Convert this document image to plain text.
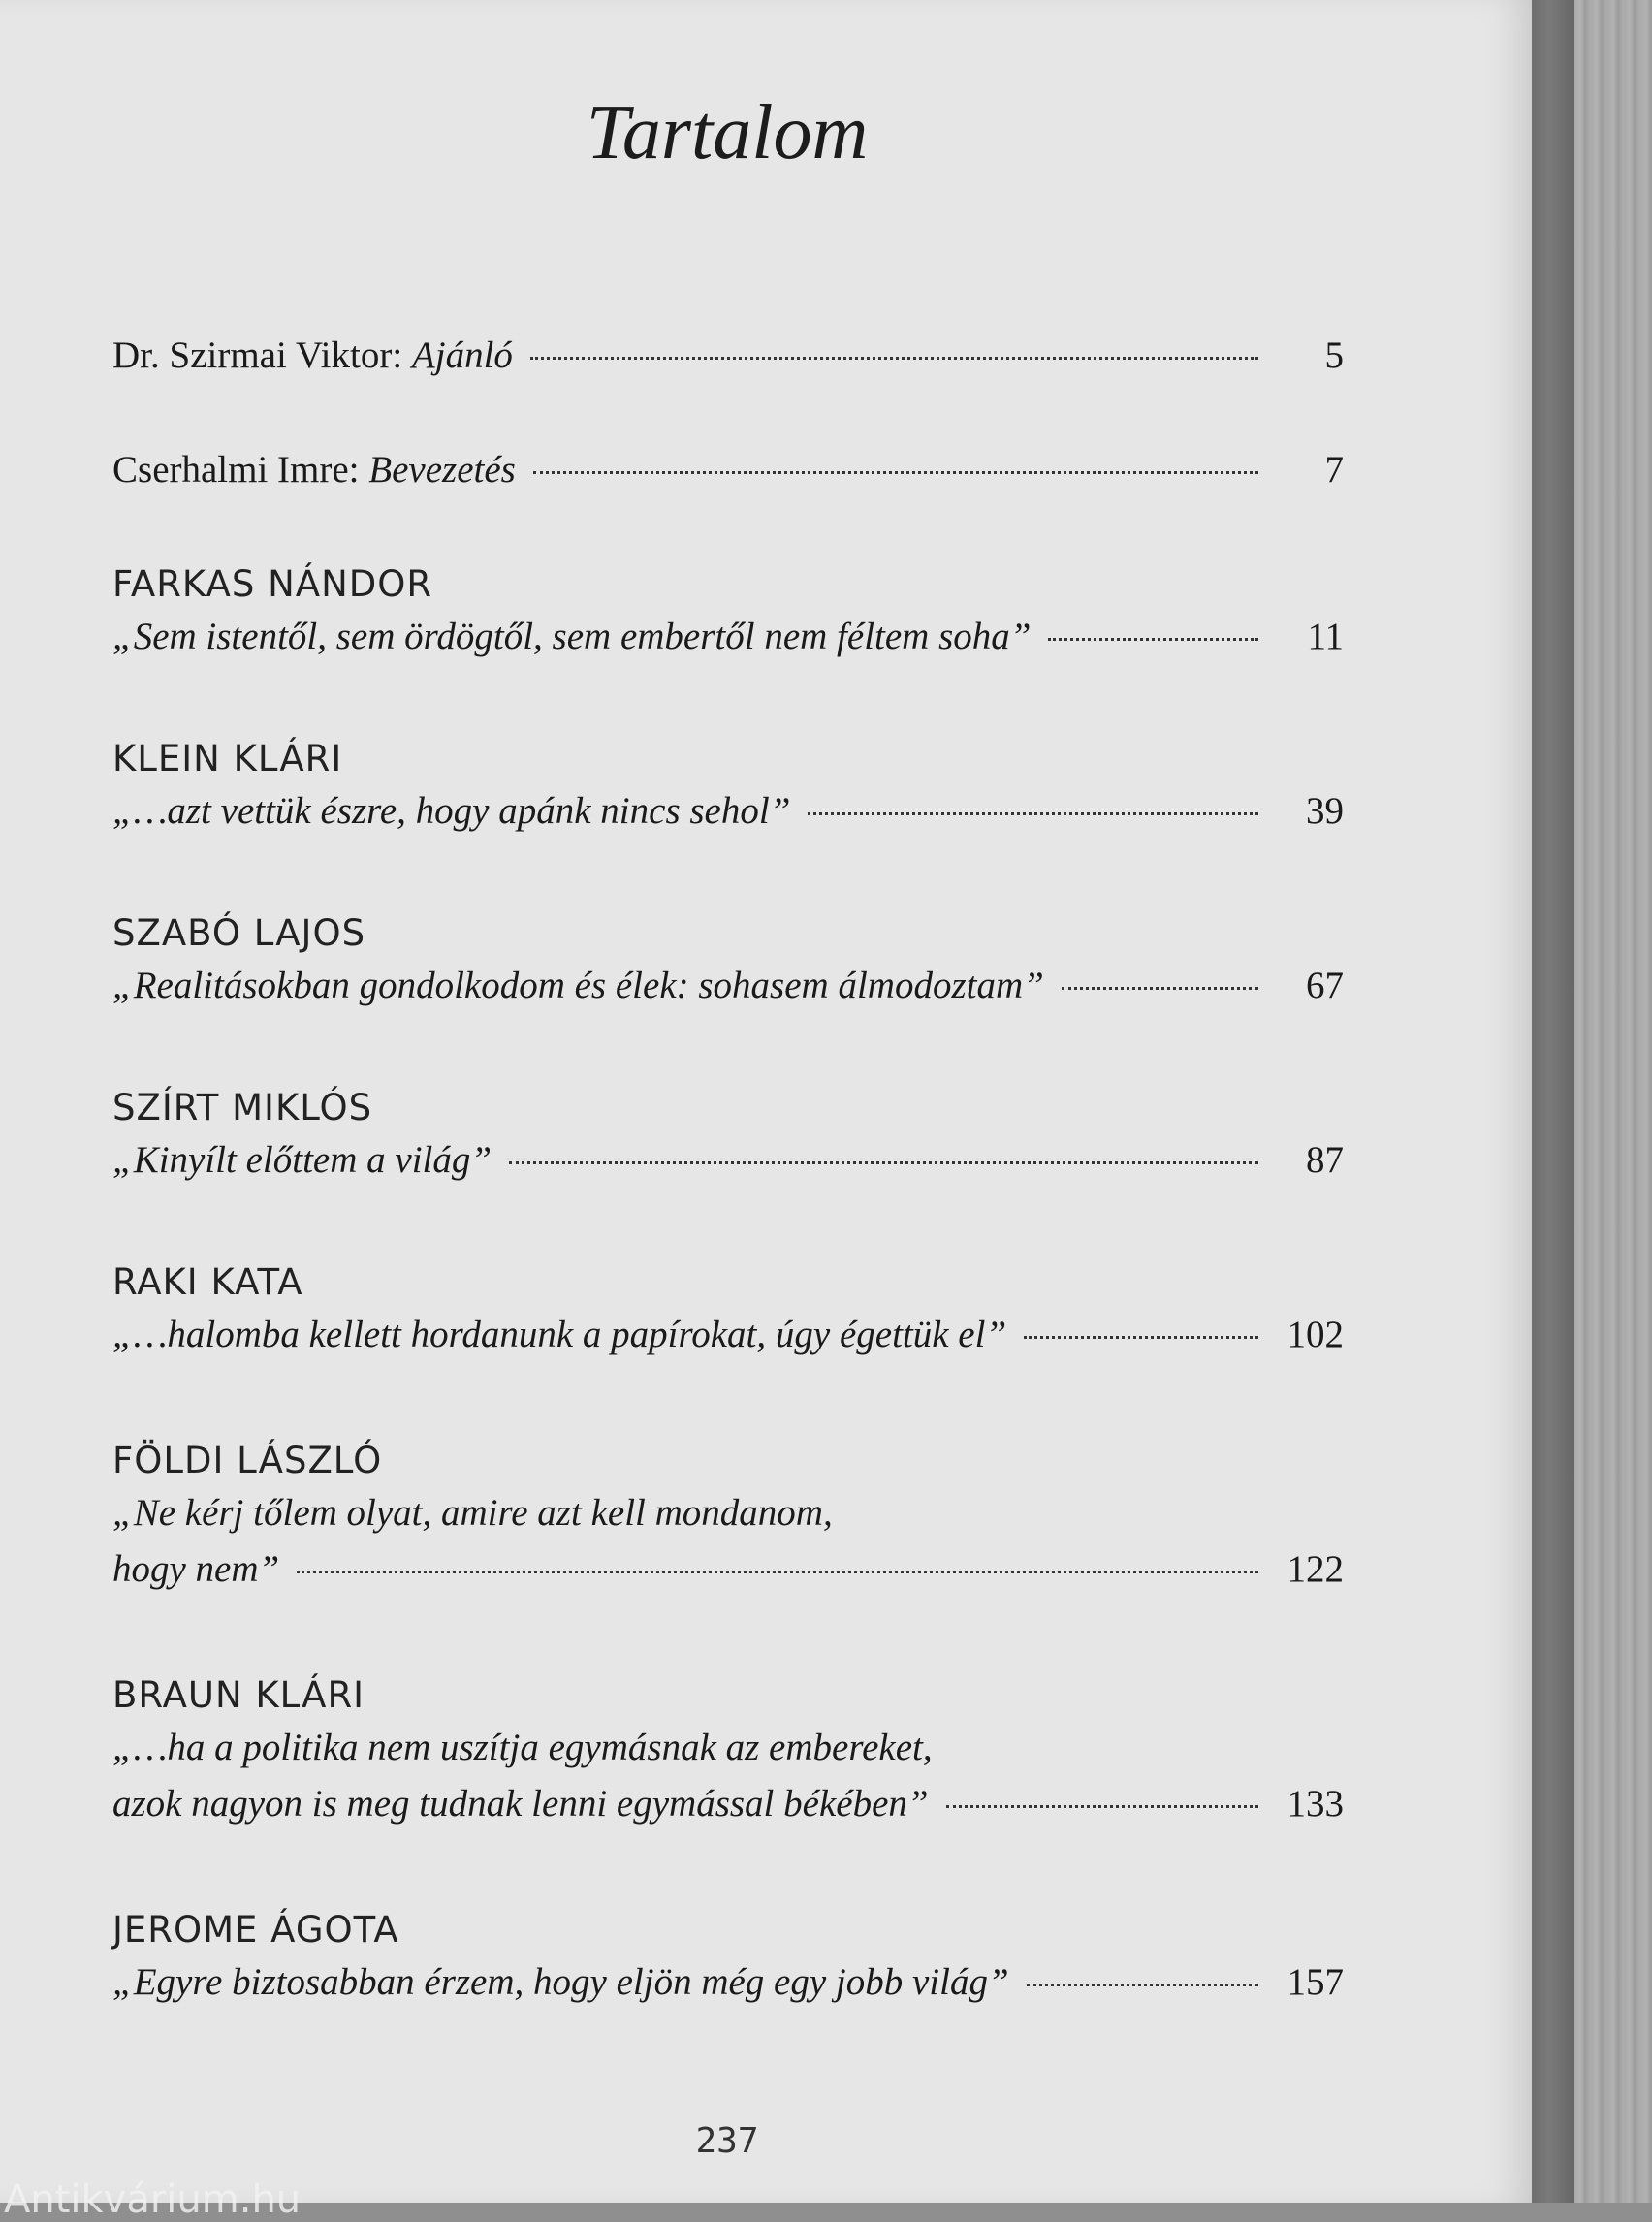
Tartalom
Dr. Szirmai Viktor: Ajánló	5
Cserhalmi Imre: Bevezetés	7
FARKAS NÁNDOR
„Sem istentől, sem ördögtől, sem embertől nem féltem soha”	11
KLEIN KLÁRI
„…azt vettük észre, hogy apánk nincs sehol”	39
SZABÓ LAJOS
„Realitásokban gondolkodom és élek: sohasem álmodoztam”	67
SZÍRT MIKLÓS
„Kinyílt előttem a világ”	87
RAKI KATA
„…halomba kellett hordanunk a papírokat, úgy égettük el”	102
FÖLDI LÁSZLÓ
„Ne kérj tőlem olyat, amire azt kell mondanom,
hogy nem”	122
BRAUN KLÁRI
„…ha a politika nem uszítja egymásnak az embereket,
azok nagyon is meg tudnak lenni egymással békében”	133
JEROME ÁGOTA
„Egyre biztosabban érzem, hogy eljön még egy jobb világ”	157
237
Antikvárium.hu
